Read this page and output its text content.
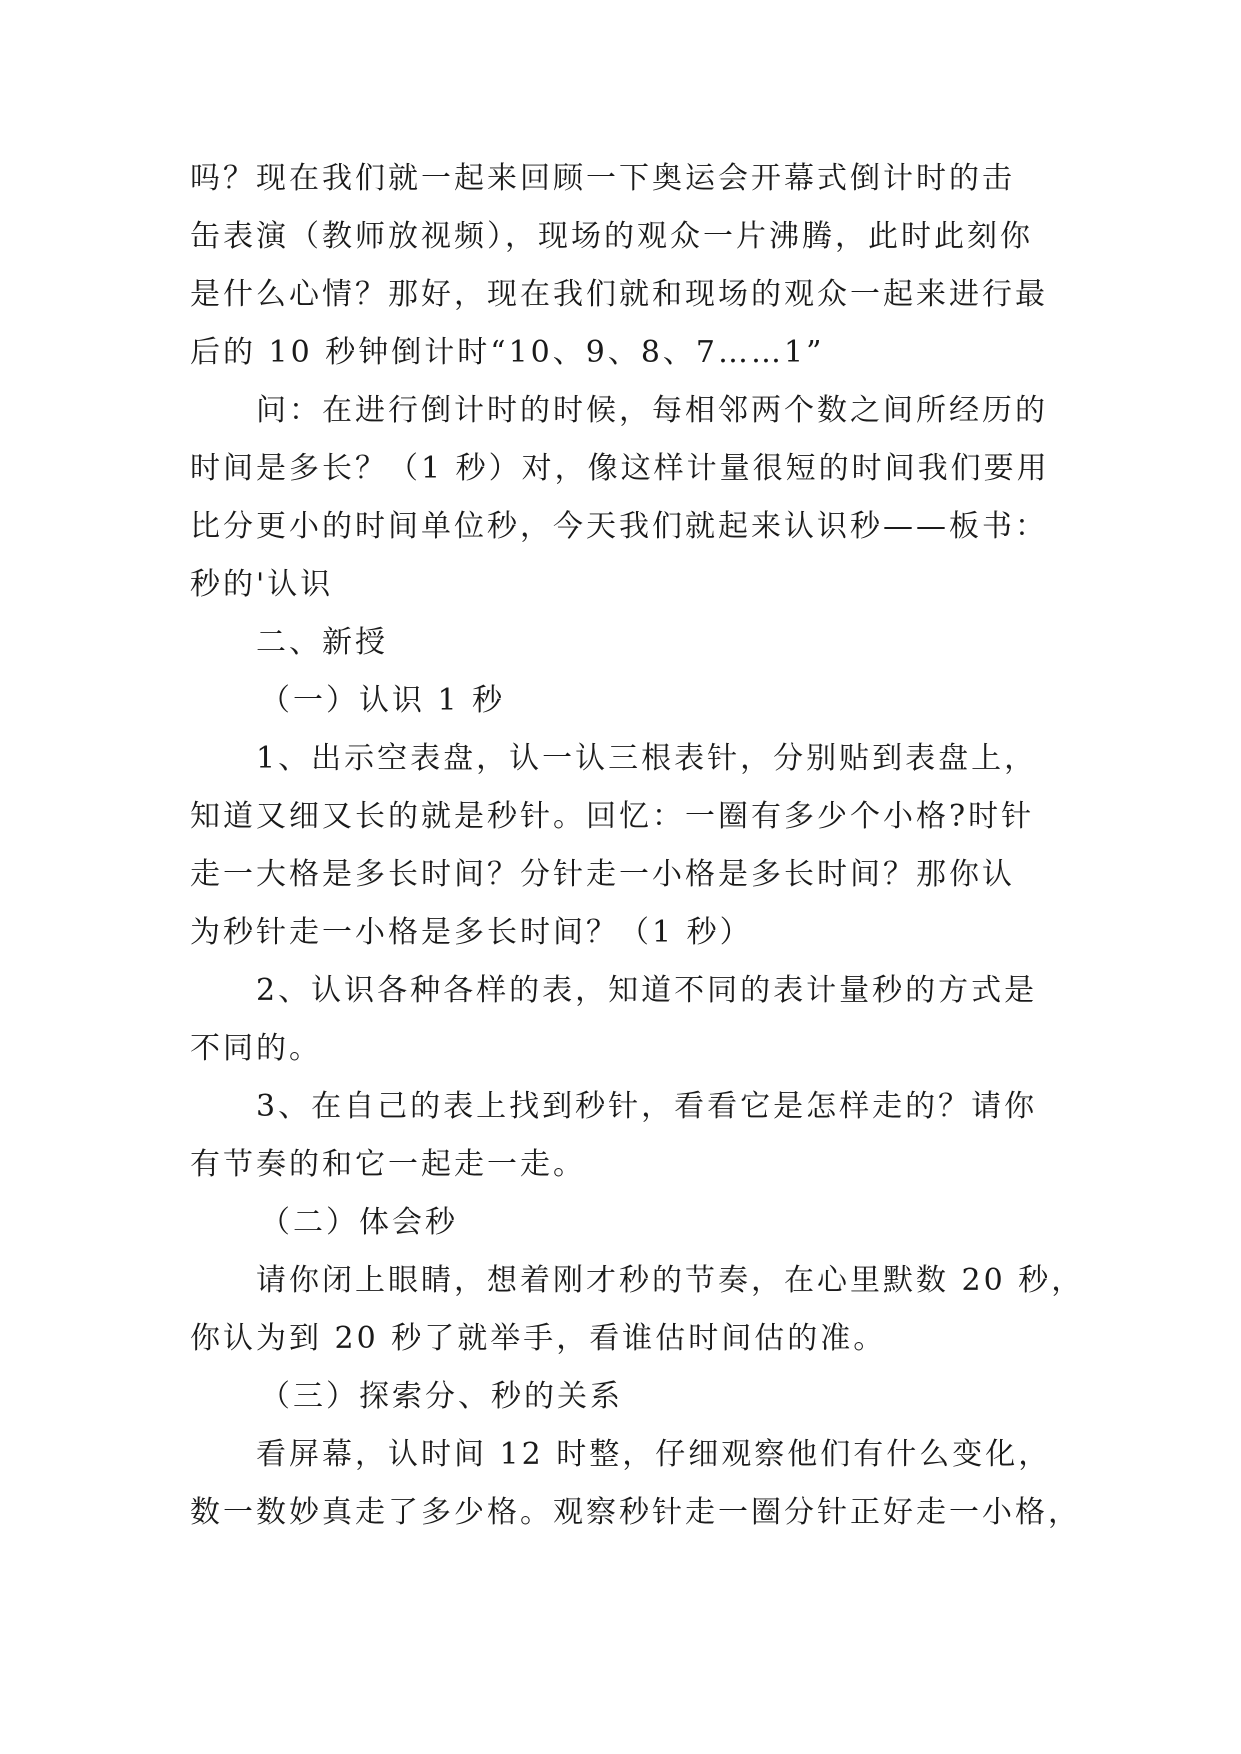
吗？现在我们就一起来回顾一下奥运会开幕式倒计时的击
缶表演（教师放视频），现场的观众一片沸腾，此时此刻你
是什么心情？那好，现在我们就和现场的观众一起来进行最
后的 10 秒钟倒计时“10、9、8、7……1”

问：在进行倒计时的时候，每相邻两个数之间所经历的
时间是多长？（1 秒）对，像这样计量很短的时间我们要用
比分更小的时间单位秒，今天我们就起来认识秒——板书：
秒的'认识

二、新授

（一）认识 1 秒

1、出示空表盘，认一认三根表针，分别贴到表盘上，
知道又细又长的就是秒针。回忆：一圈有多少个小格?时针
走一大格是多长时间？分针走一小格是多长时间？那你认
为秒针走一小格是多长时间？（1 秒）

2、认识各种各样的表，知道不同的表计量秒的方式是
不同的。

3、在自己的表上找到秒针，看看它是怎样走的？请你
有节奏的和它一起走一走。

（二）体会秒

请你闭上眼睛，想着刚才秒的节奏，在心里默数 20 秒，
你认为到 20 秒了就举手，看谁估时间估的准。

（三）探索分、秒的关系

看屏幕，认时间 12 时整，仔细观察他们有什么变化，
数一数妙真走了多少格。观察秒针走一圈分针正好走一小格，
